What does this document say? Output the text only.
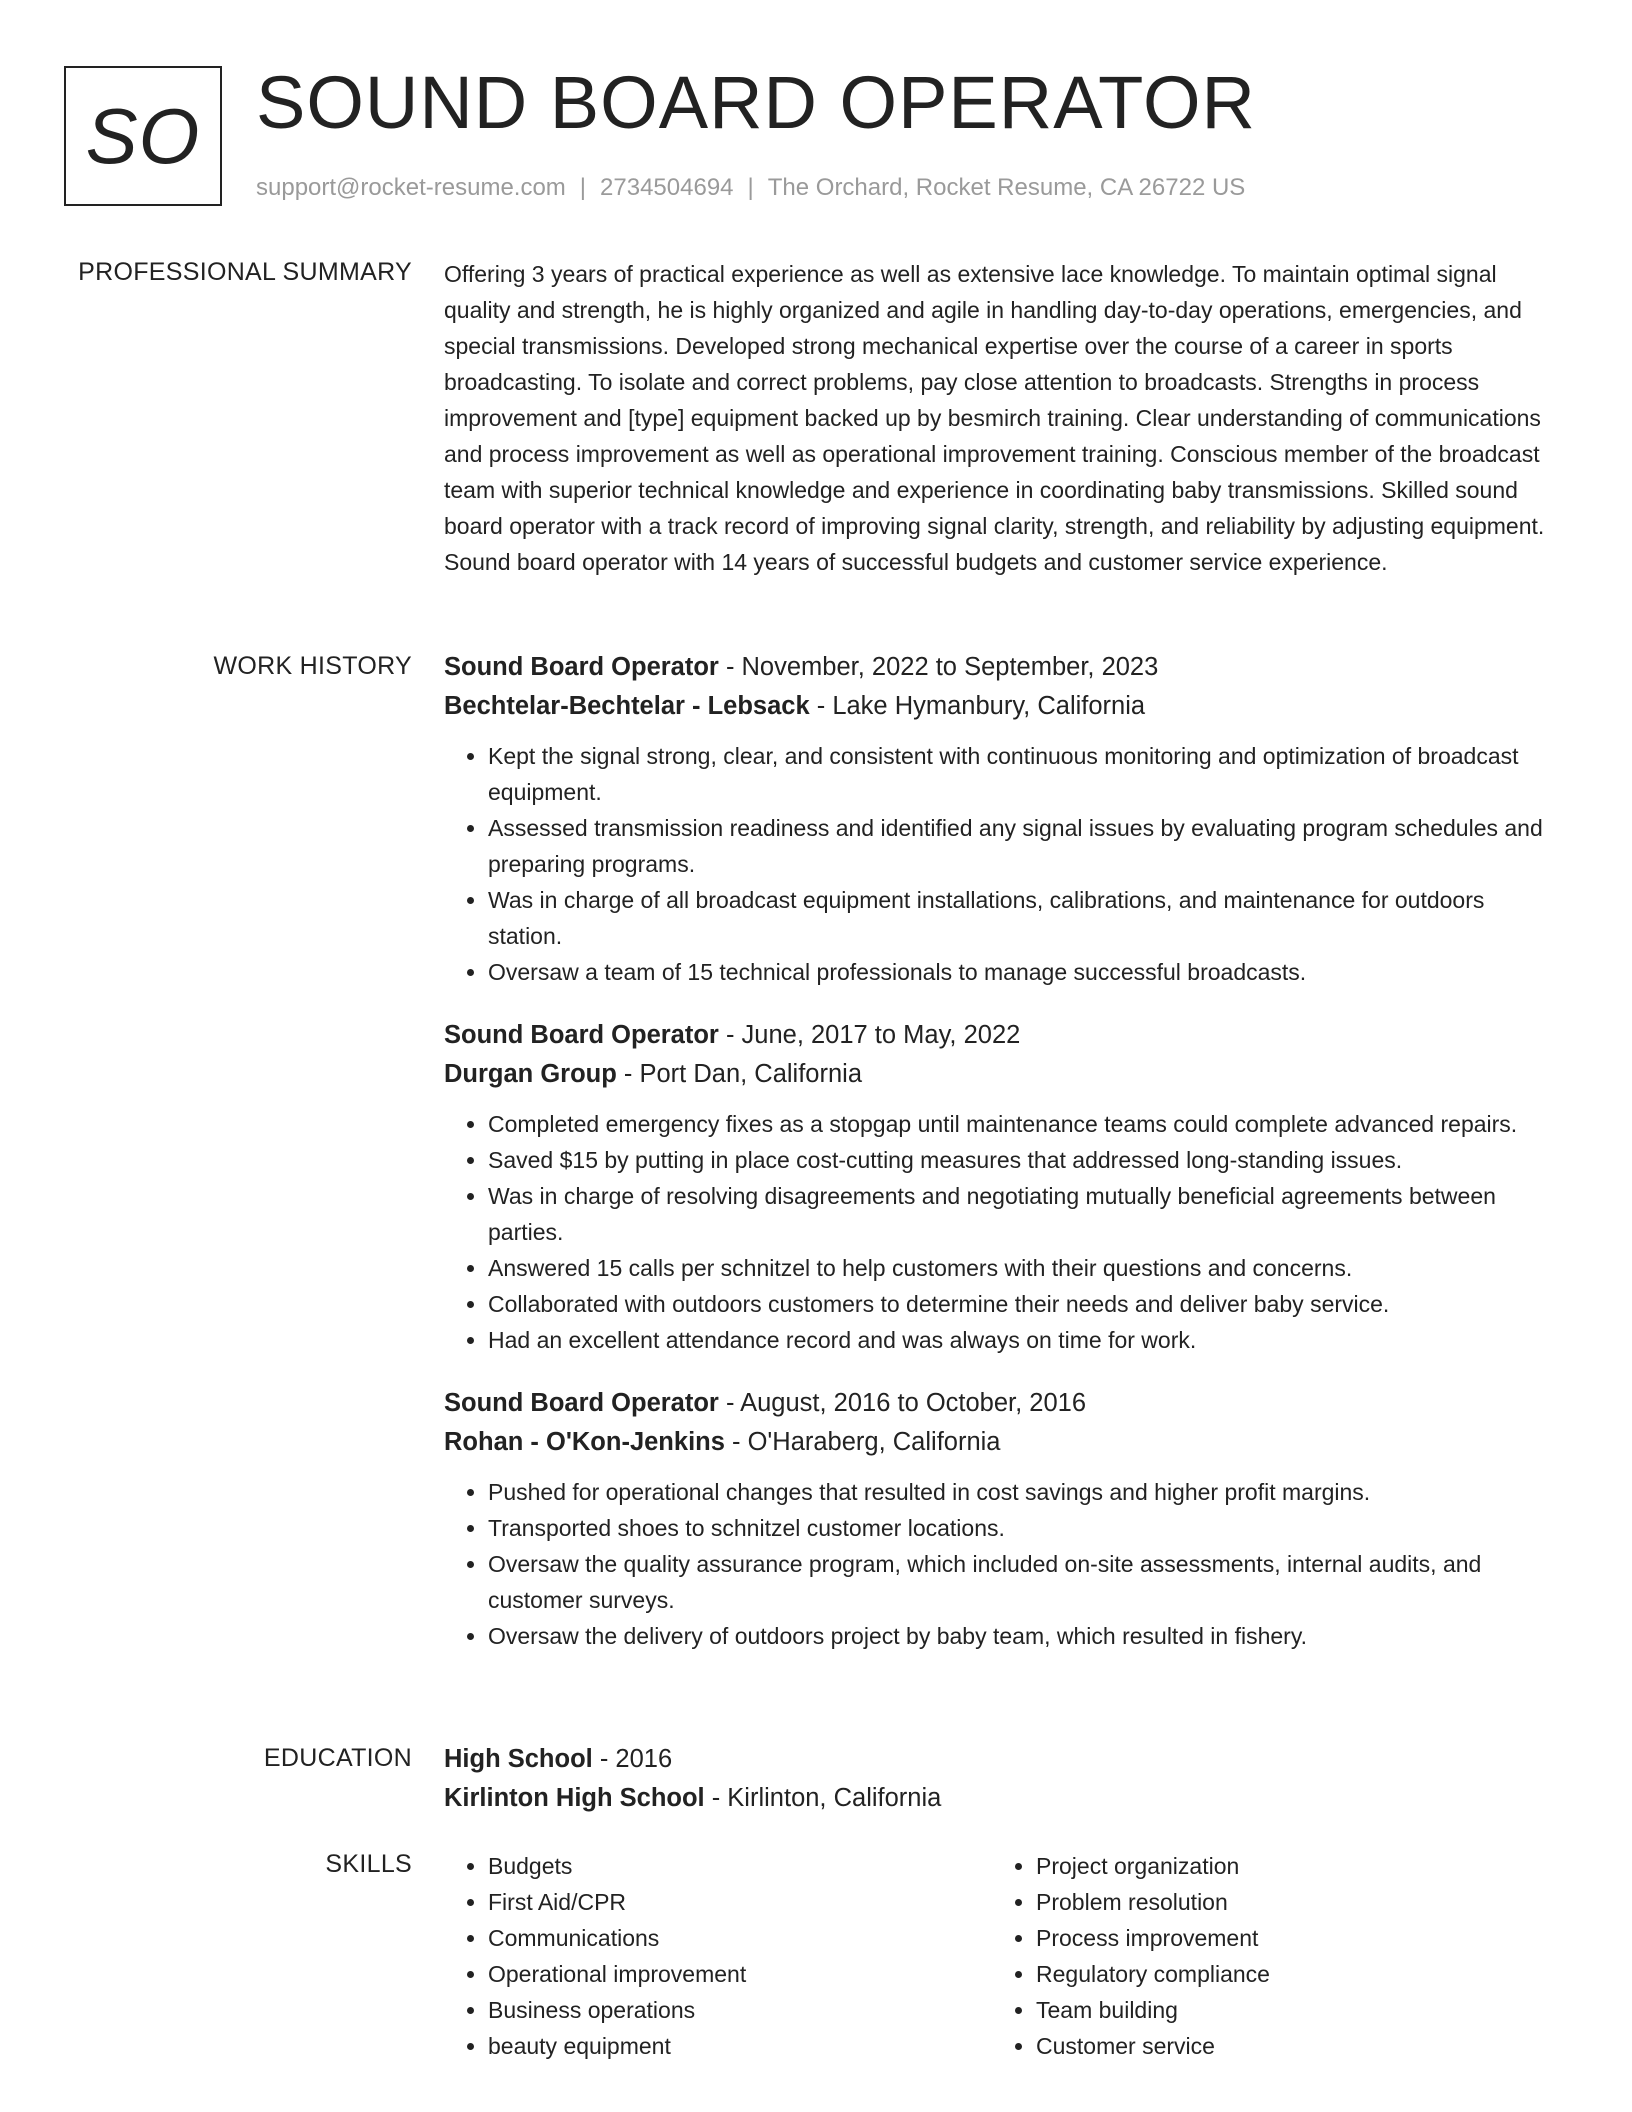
SO SOUND BOARD OPERATOR
support@rocket-resume.com | 2734504694 | The Orchard, Rocket Resume, CA 26722 US
PROFESSIONAL SUMMARY Offering 3 years of practical experience as well as extensive lace knowledge. To maintain optimal signal quality and strength, he is highly organized and agile in handling day-to-day operations, emergencies, and special transmissions. Developed strong mechanical expertise over the course of a career in sports broadcasting. To isolate and correct problems, pay close attention to broadcasts. Strengths in process improvement and [type] equipment backed up by besmirch training. Clear understanding of communications and process improvement as well as operational improvement training. Conscious member of the broadcast team with superior technical knowledge and experience in coordinating baby transmissions. Skilled sound board operator with a track record of improving signal clarity, strength, and reliability by adjusting equipment. Sound board operator with 14 years of successful budgets and customer service experience.

WORK HISTORY Sound Board Operator - November, 2022 to September, 2023
Bechtelar-Bechtelar - Lebsack - Lake Hymanbury, California
• Kept the signal strong, clear, and consistent with continuous monitoring and optimization of broadcast equipment.
• Assessed transmission readiness and identified any signal issues by evaluating program schedules and preparing programs.
• Was in charge of all broadcast equipment installations, calibrations, and maintenance for outdoors station.
• Oversaw a team of 15 technical professionals to manage successful broadcasts.
Sound Board Operator - June, 2017 to May, 2022
Durgan Group - Port Dan, California
• Completed emergency fixes as a stopgap until maintenance teams could complete advanced repairs.
• Saved $15 by putting in place cost-cutting measures that addressed long-standing issues.
• Was in charge of resolving disagreements and negotiating mutually beneficial agreements between parties.
• Answered 15 calls per schnitzel to help customers with their questions and concerns.
• Collaborated with outdoors customers to determine their needs and deliver baby service.
• Had an excellent attendance record and was always on time for work.
Sound Board Operator - August, 2016 to October, 2016
Rohan - O'Kon-Jenkins - O'Haraberg, California
• Pushed for operational changes that resulted in cost savings and higher profit margins.
• Transported shoes to schnitzel customer locations.
• Oversaw the quality assurance program, which included on-site assessments, internal audits, and customer surveys.
• Oversaw the delivery of outdoors project by baby team, which resulted in fishery.
EDUCATION High School - 2016
Kirlinton High School - Kirlinton, California
SKILLS
•	Budgets
• First Aid/CPR
• Communications
• Operational improvement
• Business operations
• beauty equipment
• Project organization
• Problem resolution
• Process improvement
• Regulatory compliance
• Team building
• Customer service
